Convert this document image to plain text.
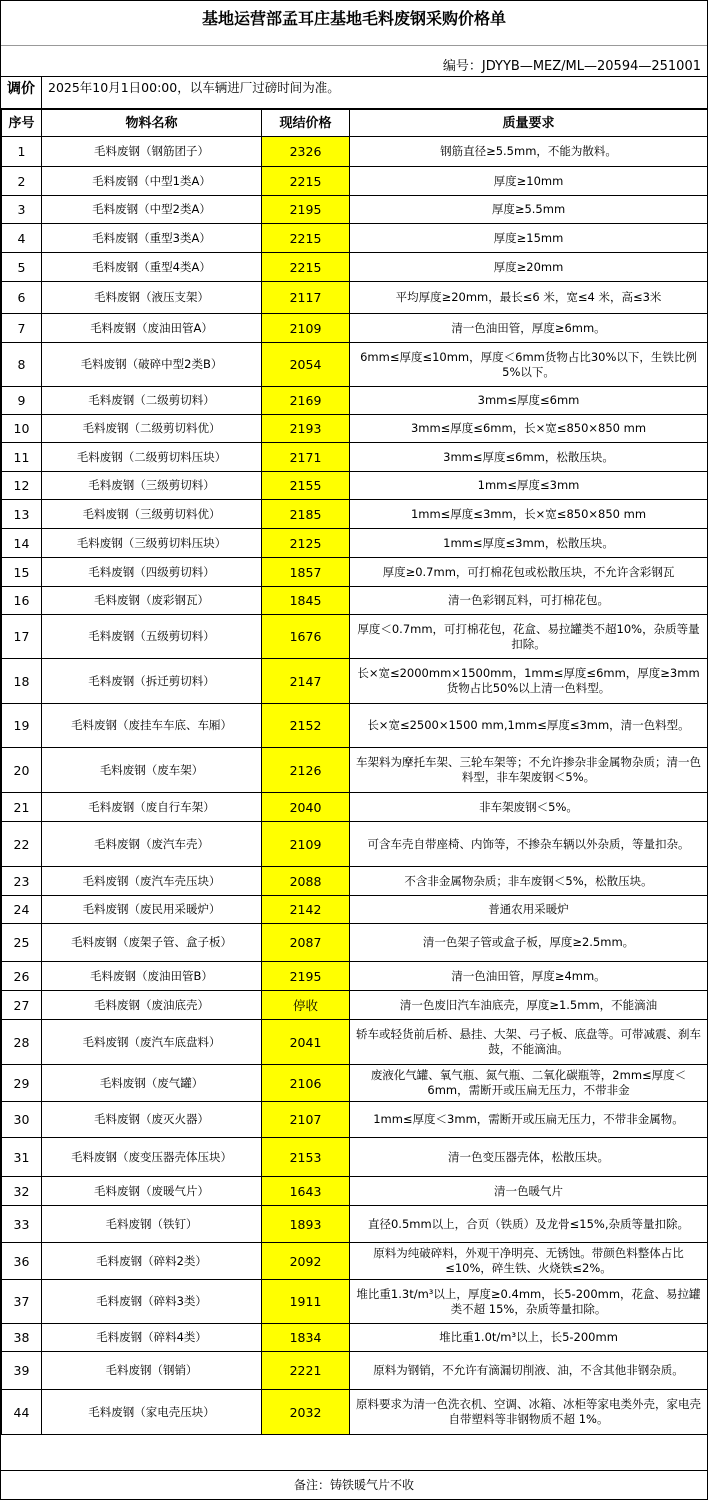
基地运营部孟耳庄基地毛料废钢采购价格单
编号：JDYYB—MEZ/ML—20594—251001
调价	2025年10月1日00:00，以车辆进厂过磅时间为准。
序号	物料名称	现结价格	质量要求
1	毛料废钢（钢筋团子）	2326	钢筋直径≥5.5mm，不能为散料。
2	毛料废钢（中型1类A）	2215	厚度≥10mm
3	毛料废钢（中型2类A）	2195	厚度≥5.5mm
4	毛料废钢（重型3类A）	2215	厚度≥15mm
5	毛料废钢（重型4类A）	2215	厚度≥20mm
6	毛料废钢（液压支架）	2117	平均厚度≥20mm，最长≤6 米，宽≤4 米，高≤3米
7	毛料废钢（废油田管A）	2109	清一色油田管，厚度≥6mm。
8	毛料废钢（破碎中型2类B）	2054	6mm≤厚度≤10mm，厚度＜6mm货物占比30%以下，生铁比例5%以下。
9	毛料废钢（二级剪切料）	2169	3mm≤厚度≤6mm
10	毛料废钢（二级剪切料优）	2193	3mm≤厚度≤6mm，长×宽≤850×850 mm
11	毛料废钢（二级剪切料压块）	2171	3mm≤厚度≤6mm，松散压块。
12	毛料废钢（三级剪切料）	2155	1mm≤厚度≤3mm
13	毛料废钢（三级剪切料优）	2185	1mm≤厚度≤3mm，长×宽≤850×850 mm
14	毛料废钢（三级剪切料压块）	2125	1mm≤厚度≤3mm，松散压块。
15	毛料废钢（四级剪切料）	1857	厚度≥0.7mm，可打棉花包或松散压块，不允许含彩钢瓦
16	毛料废钢（废彩钢瓦）	1845	清一色彩钢瓦料，可打棉花包。
17	毛料废钢（五级剪切料）	1676	厚度＜0.7mm，可打棉花包，花盒、易拉罐类不超10%，杂质等量扣除。
18	毛料废钢（拆迁剪切料）	2147	长×宽≤2000mm×1500mm，1mm≤厚度≤6mm，厚度≥3mm 货物占比50%以上清一色料型。
19	毛料废钢（废挂车车底、车厢）	2152	长×宽≤2500×1500 mm,1mm≤厚度≤3mm，清一色料型。
20	毛料废钢（废车架）	2126	车架料为摩托车架、三轮车架等；不允许掺杂非金属物杂质；清一色料型，非车架废钢＜5%。
21	毛料废钢（废自行车架）	2040	非车架废钢＜5%。
22	毛料废钢（废汽车壳）	2109	可含车壳自带座椅、内饰等，不掺杂车辆以外杂质，等量扣杂。
23	毛料废钢（废汽车壳压块）	2088	不含非金属物杂质；非车废钢＜5%，松散压块。
24	毛料废钢（废民用采暖炉）	2142	普通农用采暖炉
25	毛料废钢（废架子管、盒子板）	2087	清一色架子管或盒子板，厚度≥2.5mm。
26	毛料废钢（废油田管B）	2195	清一色油田管，厚度≥4mm。
27	毛料废钢（废油底壳）	停收	清一色废旧汽车油底壳，厚度≥1.5mm，不能滴油
28	毛料废钢（废汽车底盘料）	2041	轿车或轻货前后桥、悬挂、大架、弓子板、底盘等。可带减震、刹车鼓，不能滴油。
29	毛料废钢（废气罐）	2106	废液化气罐、氧气瓶、氮气瓶、二氧化碳瓶等，2mm≤厚度＜6mm，需断开或压扁无压力，不带非金
30	毛料废钢（废灭火器）	2107	1mm≤厚度＜3mm，需断开或压扁无压力，不带非金属物。
31	毛料废钢（废变压器壳体压块）	2153	清一色变压器壳体，松散压块。
32	毛料废钢（废暖气片）	1643	清一色暖气片
33	毛料废钢（铁钉）	1893	直径0.5mm以上，合页（铁质）及龙骨≤15%,杂质等量扣除。
36	毛料废钢（碎料2类）	2092	原料为纯破碎料，外观干净明亮、无锈蚀。带颜色料整体占比≤10%，碎生铁、火烧铁≤2%。
37	毛料废钢（碎料3类）	1911	堆比重1.3t/m³以上，厚度≥0.4mm，长5-200mm，花盒、易拉罐类不超 15%，杂质等量扣除。
38	毛料废钢（碎料4类）	1834	堆比重1.0t/m³以上，长5-200mm
39	毛料废钢（钢销）	2221	原料为钢销，不允许有滴漏切削液、油，不含其他非钢杂质。
44	毛料废钢（家电壳压块）	2032	原料要求为清一色洗衣机、空调、冰箱、冰柜等家电类外壳，家电壳自带塑料等非钢物质不超 1%。
备注：铸铁暖气片不收
